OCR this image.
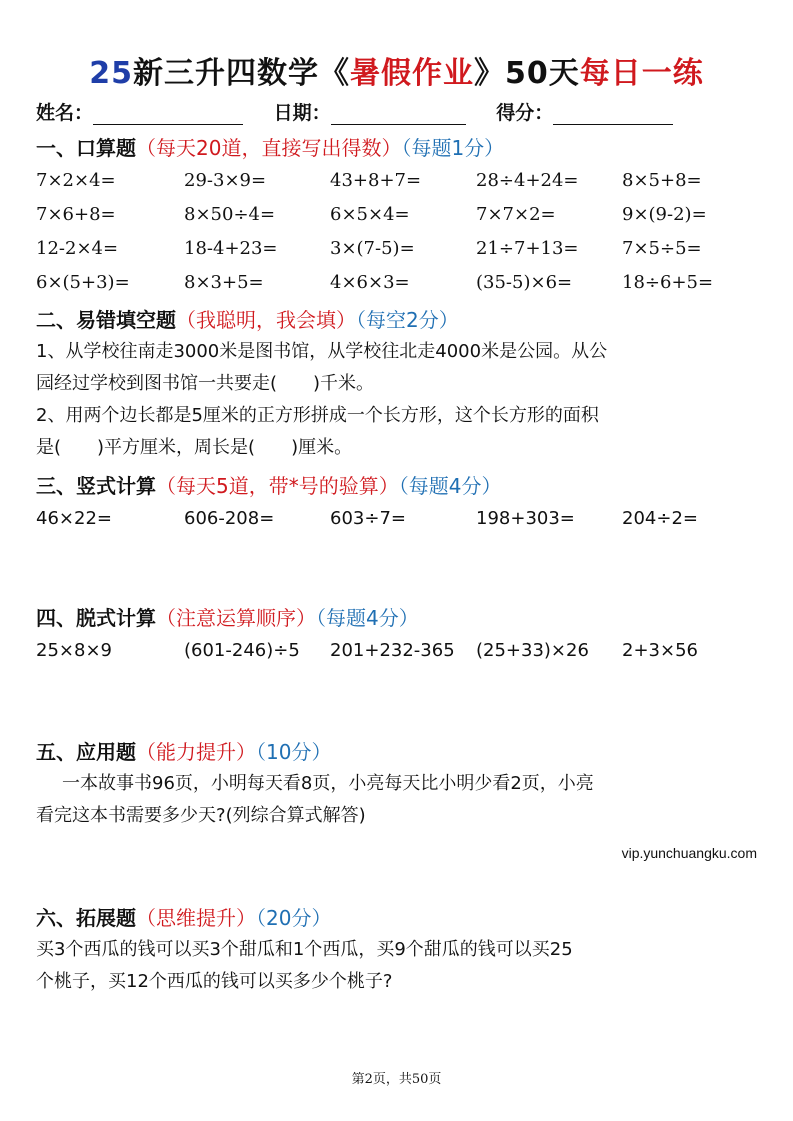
25新三升四数学《暑假作业》50天每日一练
姓名：	日期：	得分：
一、口算题（每天20道，直接写出得数）（每题1分）
7×2×4=	29-3×9=	43+8+7=	28÷4+24= 8×5+8=
7×6+8=	8×50÷4=	6×5×4=	7×7×2=	9×(9-2)=
12-2×4=	18-4+23=	3×(7-5)=	21÷7+13= 7×5÷5=
6×(5+3)=	8×3+5=	4×6×3=	(35-5)×6=	18÷6+5=
二、易错填空题（我聪明，我会填）（每空2分）
1、从学校往南走3000米是图书馆，从学校往北走4000米是公园。从公
园经过学校到图书馆一共要走(　　)千米。
2、用两个边长都是5厘米的正方形拼成一个长方形，这个长方形的面积
是(　　)平方厘米，周长是(　　)厘米。
三、竖式计算（每天5道，带*号的验算）（每题4分）
46×22=	606-208=	603÷7=	198+303=	204÷2=
四、脱式计算（注意运算顺序）（每题4分）
25×8×9	(601-246)÷5 201+232-365 (25+33)×26 2+3×56
五、应用题（能力提升）（10分）
一本故事书96页，小明每天看8页，小亮每天比小明少看2页，小亮
看完这本书需要多少天?(列综合算式解答)
vip.yunchuangku.com
六、拓展题（思维提升）（20分）
买3个西瓜的钱可以买3个甜瓜和1个西瓜，买9个甜瓜的钱可以买25
个桃子，买12个西瓜的钱可以买多少个桃子?
第2页，共50页
